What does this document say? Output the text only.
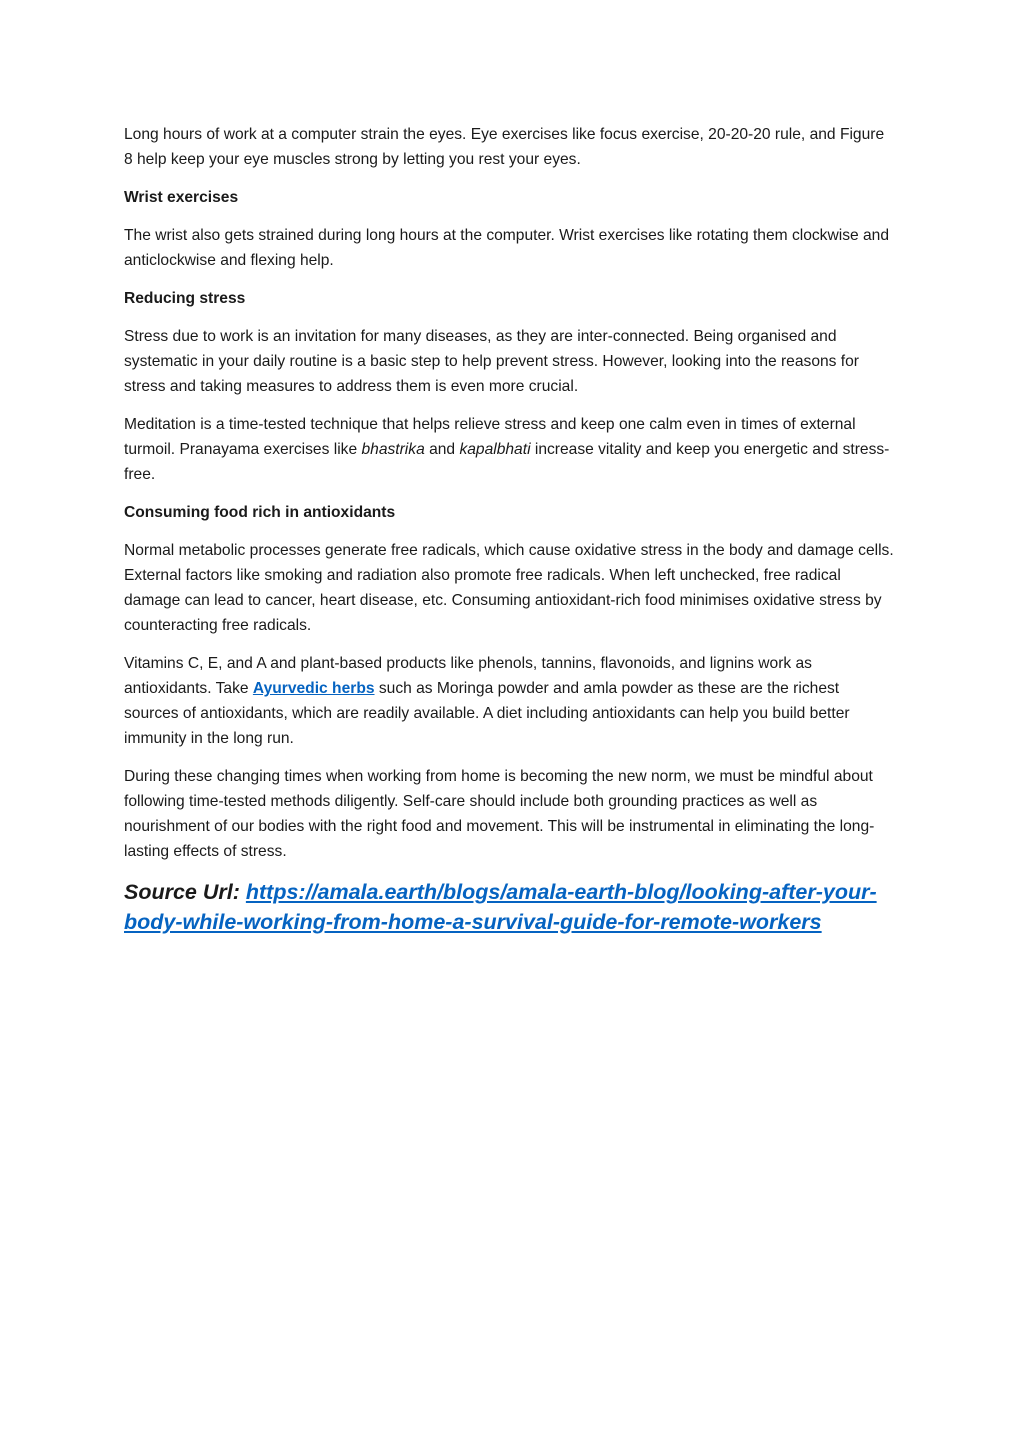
Long hours of work at a computer strain the eyes. Eye exercises like focus exercise, 20-20-20 rule, and Figure 8 help keep your eye muscles strong by letting you rest your eyes.

Wrist exercises

The wrist also gets strained during long hours at the computer. Wrist exercises like rotating them clockwise and anticlockwise and flexing help.

Reducing stress

Stress due to work is an invitation for many diseases, as they are inter-connected. Being organised and systematic in your daily routine is a basic step to help prevent stress. However, looking into the reasons for stress and taking measures to address them is even more crucial.

Meditation is a time-tested technique that helps relieve stress and keep one calm even in times of external turmoil. Pranayama exercises like bhastrika and kapalbhati increase vitality and keep you energetic and stress-free.

Consuming food rich in antioxidants

Normal metabolic processes generate free radicals, which cause oxidative stress in the body and damage cells. External factors like smoking and radiation also promote free radicals. When left unchecked, free radical damage can lead to cancer, heart disease, etc. Consuming antioxidant-rich food minimises oxidative stress by counteracting free radicals.

Vitamins C, E, and A and plant-based products like phenols, tannins, flavonoids, and lignins work as antioxidants. Take Ayurvedic herbs such as Moringa powder and amla powder as these are the richest sources of antioxidants, which are readily available. A diet including antioxidants can help you build better immunity in the long run.

During these changing times when working from home is becoming the new norm, we must be mindful about following time-tested methods diligently. Self-care should include both grounding practices as well as nourishment of our bodies with the right food and movement. This will be instrumental in eliminating the long-lasting effects of stress.

Source Url: https://amala.earth/blogs/amala-earth-blog/looking-after-your-body-while-working-from-home-a-survival-guide-for-remote-workers
